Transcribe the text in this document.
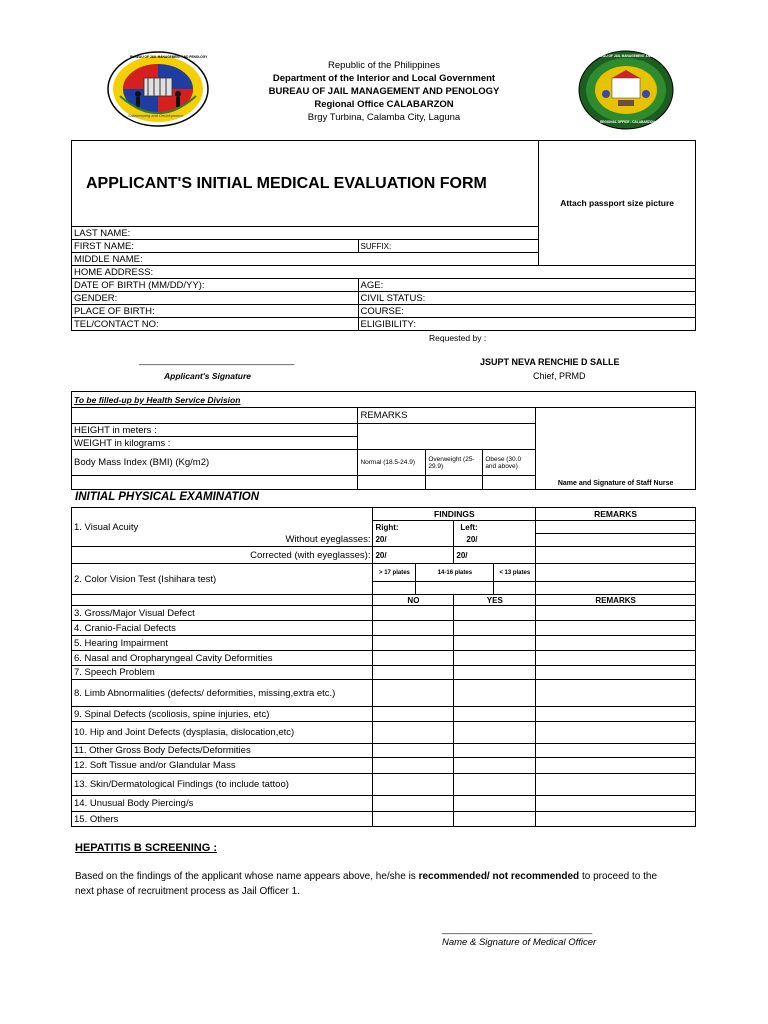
Safekeeping and Development
BUREAU OF JAIL MANAGEMENT AND PENOLOGY	BUREAU OF JAIL MANAGEMENT AND PENOLOGY
REGIONAL OFFICE - CALABARZON
Republic of the Philippines
Department of the Interior and Local Government
BUREAU OF JAIL MANAGEMENT AND PENOLOGY
Regional Office CALABARZON
Brgy Turbina, Calamba City, Laguna
APPLICANT'S INITIAL MEDICAL EVALUATION FORM		Attach passport size picture
LAST NAME:		
FIRST NAME:	SUFFIX:	
MIDDLE NAME:		
HOME ADDRESS:		
DATE OF BIRTH (MM/DD/YY):	AGE:	
GENDER:	CIVIL STATUS:	
PLACE OF BIRTH:	COURSE:	
TEL/CONTACT NO:	ELIGIBILITY:	
Requested by :
_______________________________
Applicant's Signature
JSUPT NEVA RENCHIE D SALLE
Chief, PRMD
To be filled-up by Health Service Division				
	REMARKS			Name and Signature of Staff Nurse
HEIGHT in meters :				
WEIGHT in kilograms :				
Body Mass Index (BMI) (Kg/m2)	Normal (18.5-24.9)	Overweight (25-29.9)	Obese (30.0 and above)	

INITIAL PHYSICAL EXAMINATION
	FINDINGS				REMARKS
1. Visual Acuity	Right:		Left:		
Without eyeglasses:	20/		20/		
Corrected (with eyeglasses):	20/		20/		
2. Color Vision Test (Ishihara test)	> 17 plates	14-16 plates		< 13 plates	

	NO		YES		REMARKS
3. Gross/Major Visual Defect					
4. Cranio-Facial Defects					
5. Hearing Impairment					
6. Nasal and Oropharyngeal Cavity Deformities					
7. Speech Problem					
8. Limb Abnormalities (defects/ deformities, missing,extra etc.)					
9. Spinal Defects (scoliosis, spine injuries, etc)					
10. Hip and Joint Defects (dysplasia, dislocation,etc)					
11. Other Gross Body Defects/Deformities					
12. Soft Tissue and/or Glandular Mass					
13. Skin/Dermatological Findings (to include tattoo)					
14. Unusual Body Piercing/s					
15. Others					
HEPATITIS B SCREENING :
Based on the findings of the applicant whose name appears above, he/she is recommended/ not recommended to proceed to the next phase of recruitment process as Jail Officer 1.
______________________________
Name & Signature of Medical Officer
